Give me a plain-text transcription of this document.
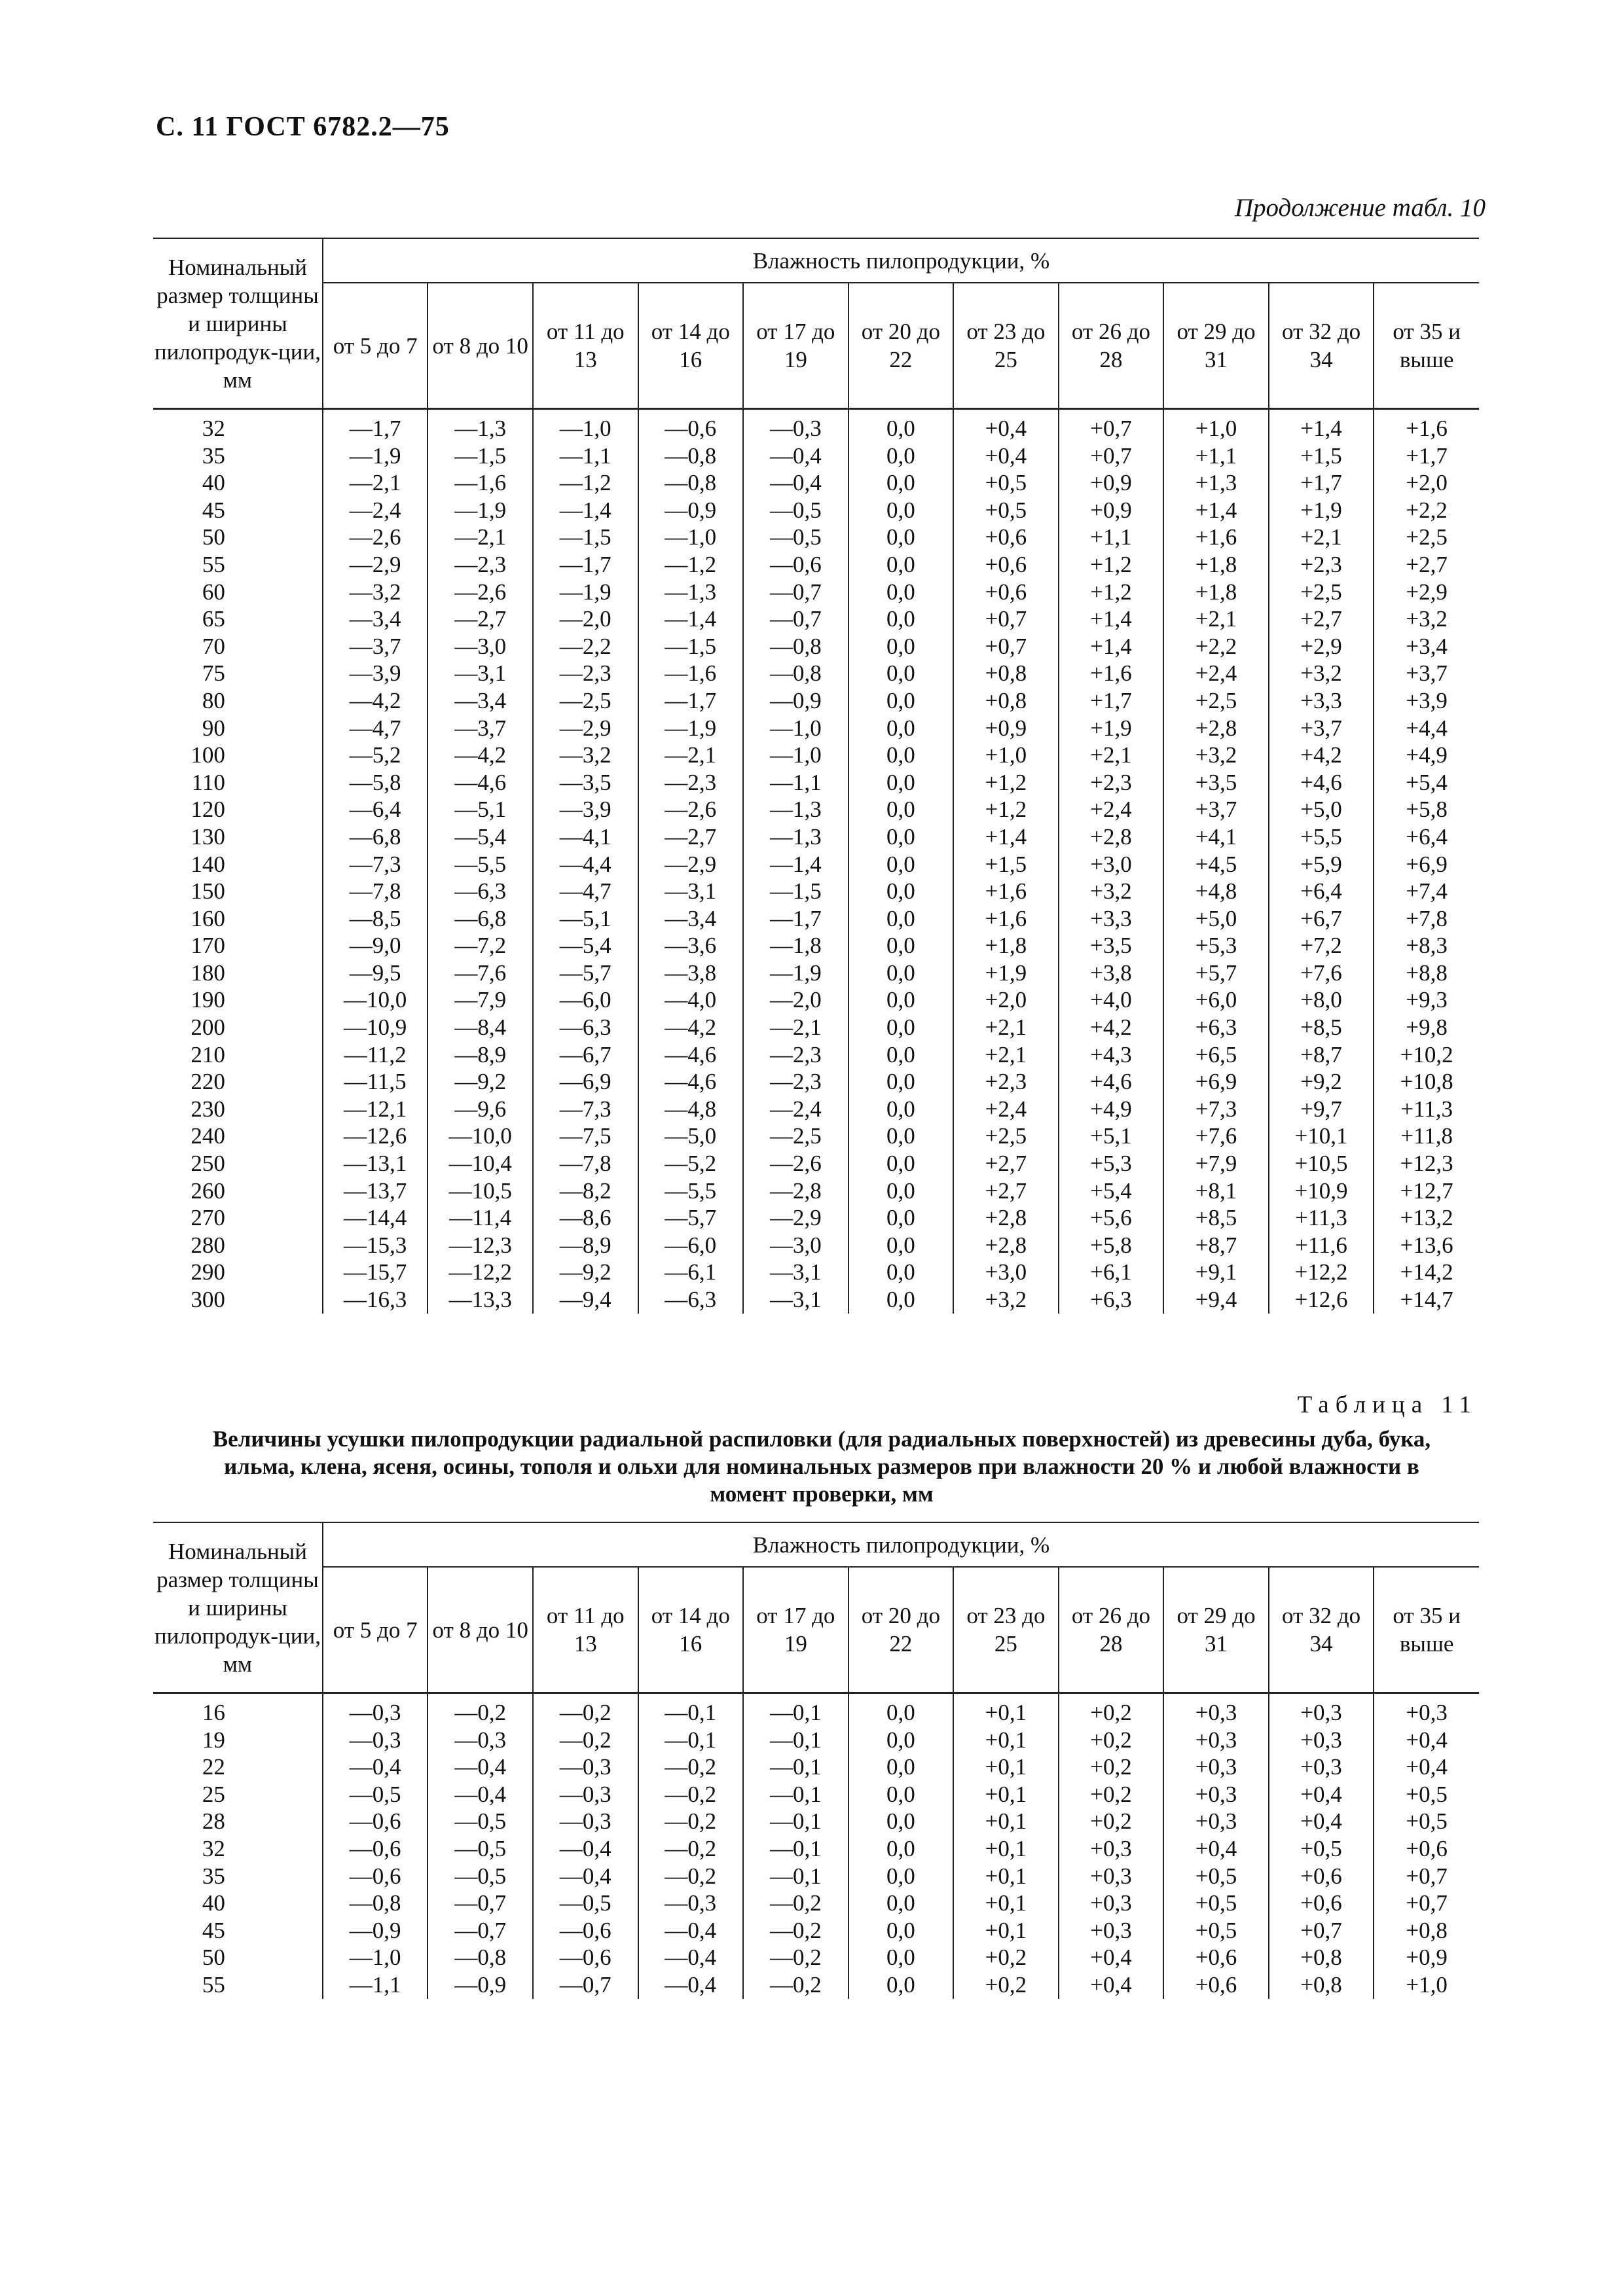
С. 11 ГОСТ 6782.2—75
Продолжение табл. 10
Номинальный размер толщины и ширины пилопродук-ции, мм	Влажность пилопродукции, %										
	от 5 до 7	от 8 до 10	от 11 до 13	от 14 до 16	от 17 до 19	от 20 до 22	от 23 до 25	от 26 до 28	от 29 до 31	от 32 до 34	от 35 и выше
32	—1,7	—1,3	—1,0	—0,6	—0,3	0,0	+0,4	+0,7	+1,0	+1,4	+1,6
35	—1,9	—1,5	—1,1	—0,8	—0,4	0,0	+0,4	+0,7	+1,1	+1,5	+1,7
40	—2,1	—1,6	—1,2	—0,8	—0,4	0,0	+0,5	+0,9	+1,3	+1,7	+2,0
45	—2,4	—1,9	—1,4	—0,9	—0,5	0,0	+0,5	+0,9	+1,4	+1,9	+2,2
50	—2,6	—2,1	—1,5	—1,0	—0,5	0,0	+0,6	+1,1	+1,6	+2,1	+2,5
55	—2,9	—2,3	—1,7	—1,2	—0,6	0,0	+0,6	+1,2	+1,8	+2,3	+2,7
60	—3,2	—2,6	—1,9	—1,3	—0,7	0,0	+0,6	+1,2	+1,8	+2,5	+2,9
65	—3,4	—2,7	—2,0	—1,4	—0,7	0,0	+0,7	+1,4	+2,1	+2,7	+3,2
70	—3,7	—3,0	—2,2	—1,5	—0,8	0,0	+0,7	+1,4	+2,2	+2,9	+3,4
75	—3,9	—3,1	—2,3	—1,6	—0,8	0,0	+0,8	+1,6	+2,4	+3,2	+3,7
80	—4,2	—3,4	—2,5	—1,7	—0,9	0,0	+0,8	+1,7	+2,5	+3,3	+3,9
90	—4,7	—3,7	—2,9	—1,9	—1,0	0,0	+0,9	+1,9	+2,8	+3,7	+4,4
100	—5,2	—4,2	—3,2	—2,1	—1,0	0,0	+1,0	+2,1	+3,2	+4,2	+4,9
110	—5,8	—4,6	—3,5	—2,3	—1,1	0,0	+1,2	+2,3	+3,5	+4,6	+5,4
120	—6,4	—5,1	—3,9	—2,6	—1,3	0,0	+1,2	+2,4	+3,7	+5,0	+5,8
130	—6,8	—5,4	—4,1	—2,7	—1,3	0,0	+1,4	+2,8	+4,1	+5,5	+6,4
140	—7,3	—5,5	—4,4	—2,9	—1,4	0,0	+1,5	+3,0	+4,5	+5,9	+6,9
150	—7,8	—6,3	—4,7	—3,1	—1,5	0,0	+1,6	+3,2	+4,8	+6,4	+7,4
160	—8,5	—6,8	—5,1	—3,4	—1,7	0,0	+1,6	+3,3	+5,0	+6,7	+7,8
170	—9,0	—7,2	—5,4	—3,6	—1,8	0,0	+1,8	+3,5	+5,3	+7,2	+8,3
180	—9,5	—7,6	—5,7	—3,8	—1,9	0,0	+1,9	+3,8	+5,7	+7,6	+8,8
190	—10,0	—7,9	—6,0	—4,0	—2,0	0,0	+2,0	+4,0	+6,0	+8,0	+9,3
200	—10,9	—8,4	—6,3	—4,2	—2,1	0,0	+2,1	+4,2	+6,3	+8,5	+9,8
210	—11,2	—8,9	—6,7	—4,6	—2,3	0,0	+2,1	+4,3	+6,5	+8,7	+10,2
220	—11,5	—9,2	—6,9	—4,6	—2,3	0,0	+2,3	+4,6	+6,9	+9,2	+10,8
230	—12,1	—9,6	—7,3	—4,8	—2,4	0,0	+2,4	+4,9	+7,3	+9,7	+11,3
240	—12,6	—10,0	—7,5	—5,0	—2,5	0,0	+2,5	+5,1	+7,6	+10,1	+11,8
250	—13,1	—10,4	—7,8	—5,2	—2,6	0,0	+2,7	+5,3	+7,9	+10,5	+12,3
260	—13,7	—10,5	—8,2	—5,5	—2,8	0,0	+2,7	+5,4	+8,1	+10,9	+12,7
270	—14,4	—11,4	—8,6	—5,7	—2,9	0,0	+2,8	+5,6	+8,5	+11,3	+13,2
280	—15,3	—12,3	—8,9	—6,0	—3,0	0,0	+2,8	+5,8	+8,7	+11,6	+13,6
290	—15,7	—12,2	—9,2	—6,1	—3,1	0,0	+3,0	+6,1	+9,1	+12,2	+14,2
300	—16,3	—13,3	—9,4	—6,3	—3,1	0,0	+3,2	+6,3	+9,4	+12,6	+14,7
Таблица 11
Величины усушки пилопродукции радиальной распиловки (для радиальных поверхностей) из древесины дуба, бука, ильма, клена, ясеня, осины, тополя и ольхи для номинальных размеров при влажности 20 % и любой влажности в момент проверки, мм
Номинальный размер толщины и ширины пилопродук-ции, мм	Влажность пилопродукции, %										
	от 5 до 7	от 8 до 10	от 11 до 13	от 14 до 16	от 17 до 19	от 20 до 22	от 23 до 25	от 26 до 28	от 29 до 31	от 32 до 34	от 35 и выше
16	—0,3	—0,2	—0,2	—0,1	—0,1	0,0	+0,1	+0,2	+0,3	+0,3	+0,3
19	—0,3	—0,3	—0,2	—0,1	—0,1	0,0	+0,1	+0,2	+0,3	+0,3	+0,4
22	—0,4	—0,4	—0,3	—0,2	—0,1	0,0	+0,1	+0,2	+0,3	+0,3	+0,4
25	—0,5	—0,4	—0,3	—0,2	—0,1	0,0	+0,1	+0,2	+0,3	+0,4	+0,5
28	—0,6	—0,5	—0,3	—0,2	—0,1	0,0	+0,1	+0,2	+0,3	+0,4	+0,5
32	—0,6	—0,5	—0,4	—0,2	—0,1	0,0	+0,1	+0,3	+0,4	+0,5	+0,6
35	—0,6	—0,5	—0,4	—0,2	—0,1	0,0	+0,1	+0,3	+0,5	+0,6	+0,7
40	—0,8	—0,7	—0,5	—0,3	—0,2	0,0	+0,1	+0,3	+0,5	+0,6	+0,7
45	—0,9	—0,7	—0,6	—0,4	—0,2	0,0	+0,1	+0,3	+0,5	+0,7	+0,8
50	—1,0	—0,8	—0,6	—0,4	—0,2	0,0	+0,2	+0,4	+0,6	+0,8	+0,9
55	—1,1	—0,9	—0,7	—0,4	—0,2	0,0	+0,2	+0,4	+0,6	+0,8	+1,0
